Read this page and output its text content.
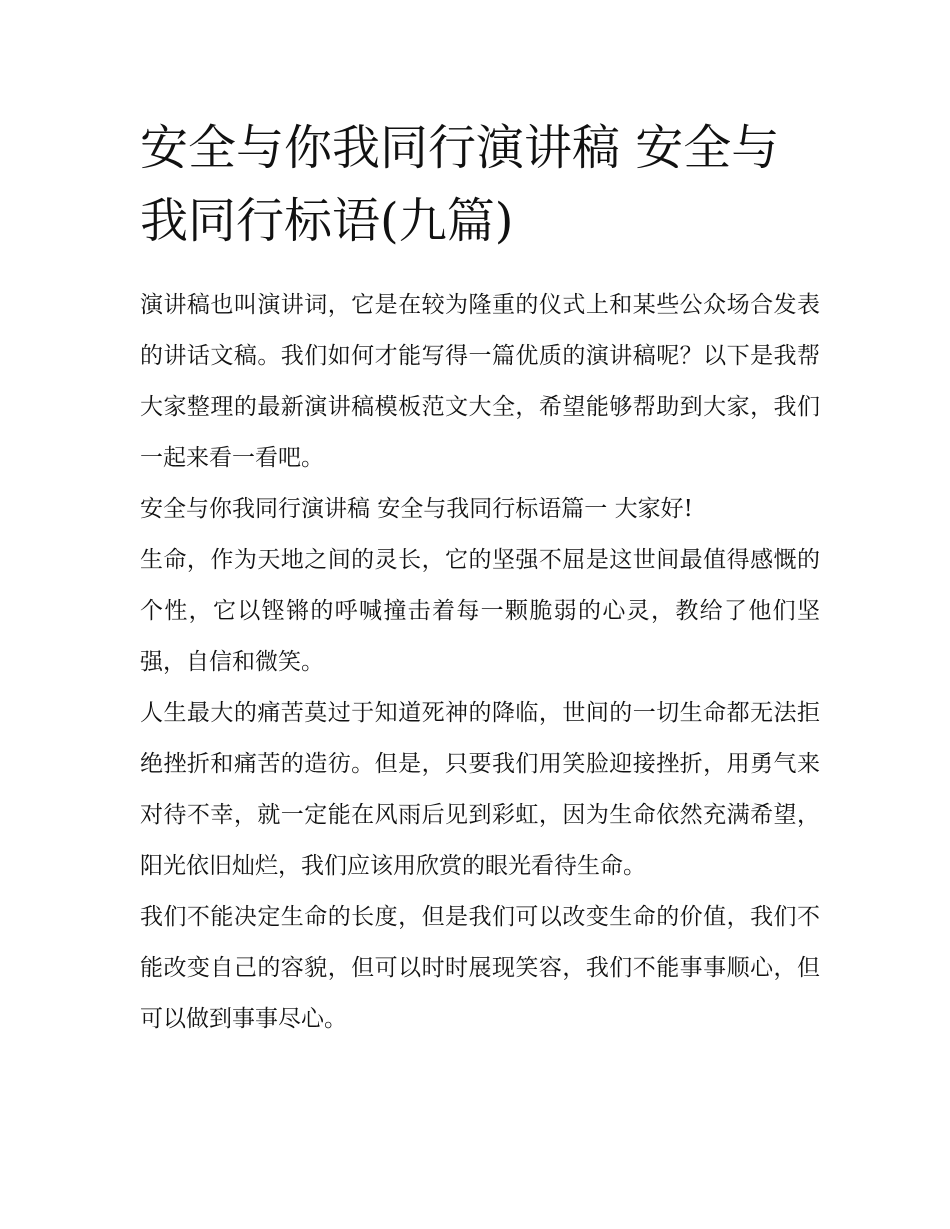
安全与你我同行演讲稿 安全与我同行标语(九篇)

演讲稿也叫演讲词，它是在较为隆重的仪式上和某些公众场合发表的讲话文稿。我们如何才能写得一篇优质的演讲稿呢？以下是我帮大家整理的最新演讲稿模板范文大全，希望能够帮助到大家，我们一起来看一看吧。

安全与你我同行演讲稿 安全与我同行标语篇一 大家好!

生命，作为天地之间的灵长，它的坚强不屈是这世间最值得感慨的个性，它以铿锵的呼喊撞击着每一颗脆弱的心灵，教给了他们坚强，自信和微笑。

人生最大的痛苦莫过于知道死神的降临，世间的一切生命都无法拒绝挫折和痛苦的造彷。但是，只要我们用笑脸迎接挫折，用勇气来对待不幸，就一定能在风雨后见到彩虹，因为生命依然充满希望，阳光依旧灿烂，我们应该用欣赏的眼光看待生命。

我们不能决定生命的长度，但是我们可以改变生命的价值，我们不能改变自己的容貌，但可以时时展现笑容，我们不能事事顺心，但可以做到事事尽心。
